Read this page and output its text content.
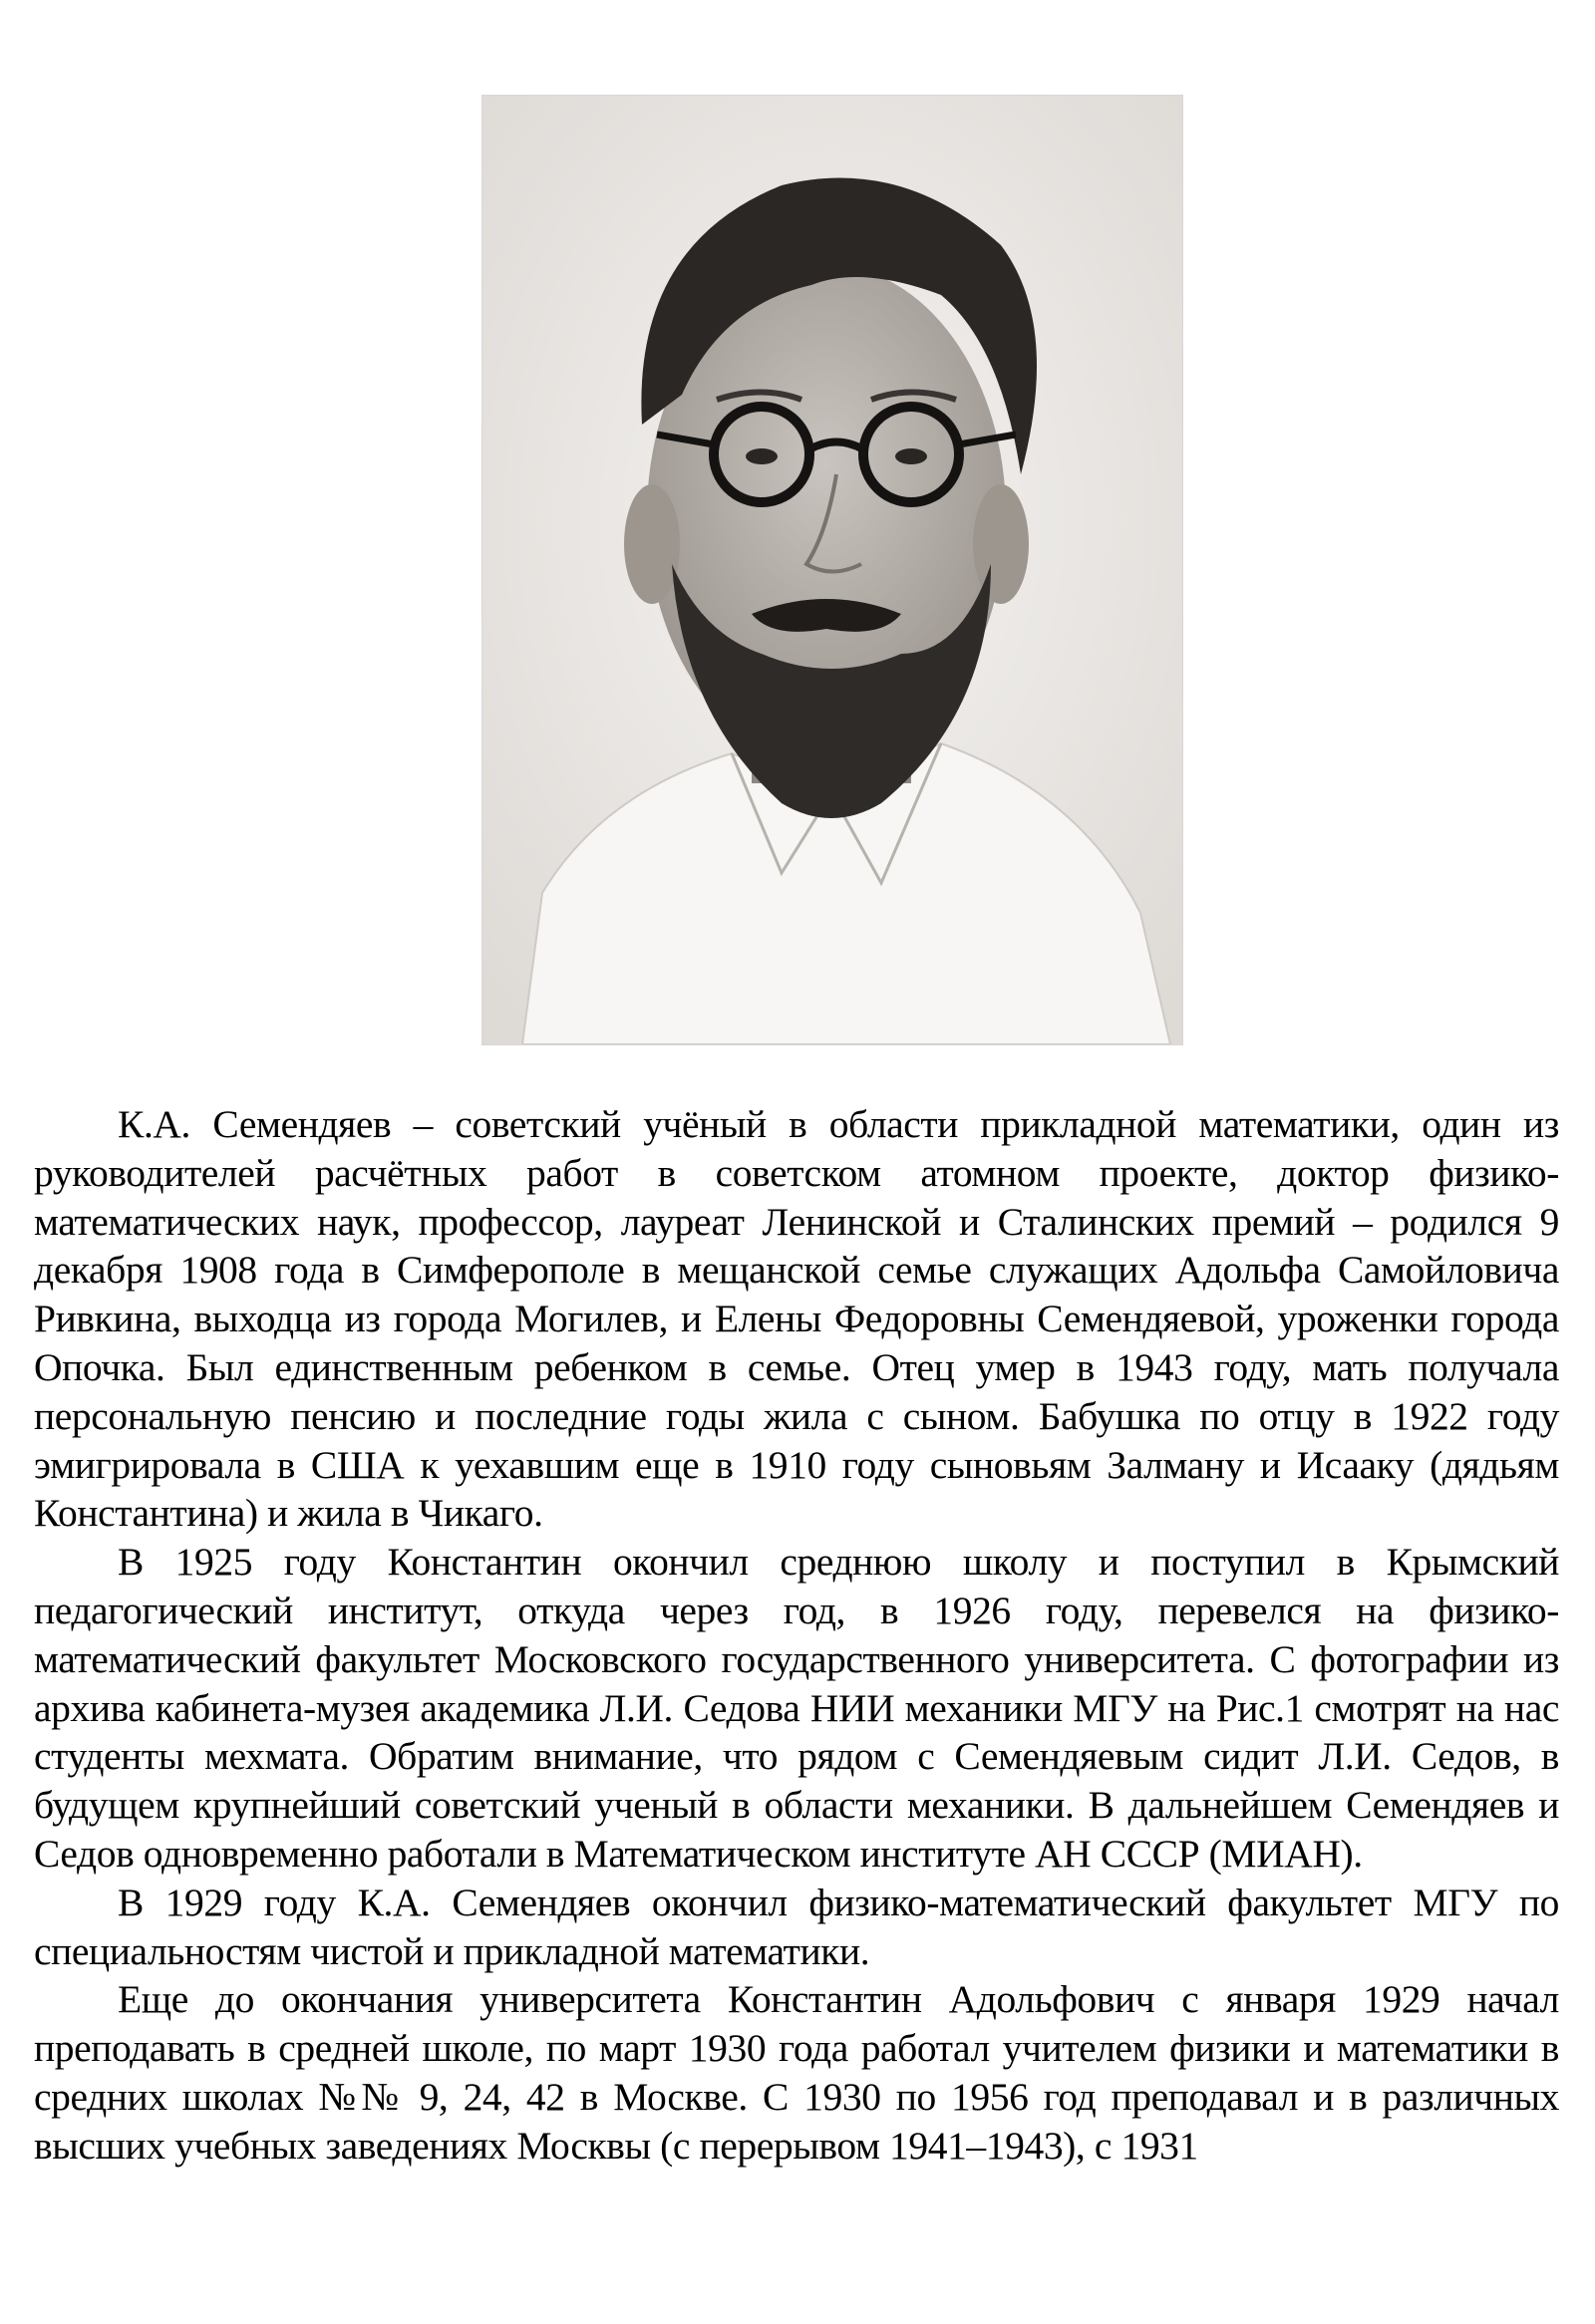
К.А. Семендяев – советский учёный в области прикладной математики, один из руководителей расчётных работ в советском атомном проекте, доктор физико-математических наук, профессор, лауреат Ленинской и Сталинских премий – родился 9 декабря 1908 года в Симферополе в мещанской семье служащих Адольфа Самойловича Ривкина, выходца из города Могилев, и Елены Федоровны Семендяевой, уроженки города Опочка. Был единственным ребенком в семье. Отец умер в 1943 году, мать получала персональную пенсию и последние годы жила с сыном. Бабушка по отцу в 1922 году эмигрировала в США к уехавшим еще в 1910 году сыновьям Залману и Исааку (дядьям Константина) и жила в Чикаго.

В 1925 году Константин окончил среднюю школу и поступил в Крымский педагогический институт, откуда через год, в 1926 году, перевелся на физико-математический факультет Московского государственного университета. С фотографии из архива кабинета-музея академика Л.И. Седова НИИ механики МГУ на Рис.1 смотрят на нас студенты мехмата. Обратим внимание, что рядом с Семендяевым сидит Л.И. Седов, в будущем крупнейший советский ученый в области механики. В дальнейшем Семендяев и Седов одновременно работали в Математическом институте АН СССР (МИАН).

В 1929 году К.А. Семендяев окончил физико-математический факультет МГУ по специальностям чистой и прикладной математики.

Еще до окончания университета Константин Адольфович с января 1929 начал преподавать в средней школе, по март 1930 года работал учителем физики и математики в средних школах №№ 9, 24, 42 в Москве. С 1930 по 1956 год преподавал и в различных высших учебных заведениях Москвы (с перерывом 1941–1943), с 1931
